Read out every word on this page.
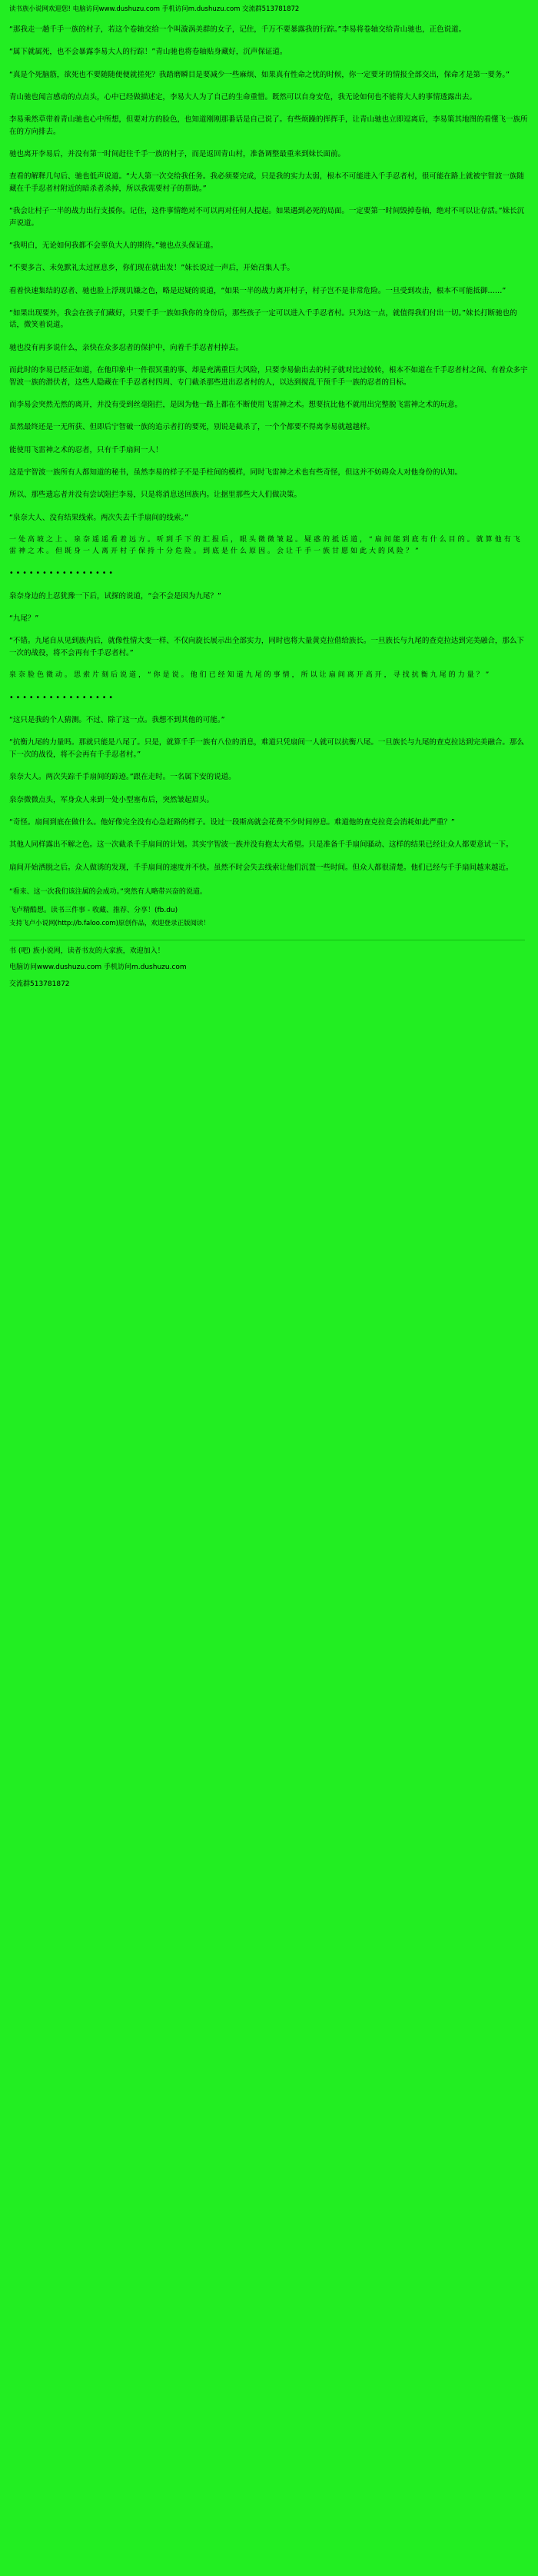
读书族小说网欢迎您! 电脑访问www.dushuzu.com 手机访问m.dushuzu.com 交流群513781872

“那我走一趟千手一族的村子，若这个卷轴交给一个叫漩涡美群的女子，记住，千万不要暴露我的行踪。”李易将卷轴交给青山驰也，正色说道。

“属下就属死，也不会暴露李易大人的行踪！”青山驰也将卷轴贴身藏好，沉声保证道。

“真是个死脑筋，欲死也不要随随便便就搓死？我踏磨瞬目是要减少一些麻烦、如果真有性命之忧的时候，你一定要牙的情报全部交出，保命才是第一要务。”

青山驰也闻言感动的点点头，心中已经做描述定，李易大人为了自己的生命重惜。既然可以自身安危，我无论如何也不能将大人的事情透露出去。

李易乘然草带着青山驰也心中所想，但要对方的脸色，也知道刚刚那番话是自己说了。有些烦躁的挥挥手，让青山驰也立即逗离后，李易策其地图的看懂飞一族所在的方向排去。

驰也离开李易后，并没有第一时间赶往千手一族的村子，而是返回青山村，准备调整最重来到妹长面前。

查看的解释几句后、驰也低声说道。“大人第一次交给我任务。我必须要完成，只是我的实力太弱，根本不可能进入千手忍者村，很可能在路上就被宇智波一族随藏在千手忍者村附近的暗杀者杀掉，所以我需要村子的帮助。”

“我会让村子一半的战力出行支援你。记住，这件事情绝对不可以再对任何人提起。如果遇到必死的局面。一定要第一时间毁掉卷轴，绝对不可以让存活。”妹长沉声说道。

“我明白，无论如何我都不会辜负大人的期待。”驰也点头保证道。

“不要多言、未免默礼太过匣息乡，你们现在就出发！”妹长说过一声后，开始召集人手。

看着快速集结的忍者、驰也脸上浮现讥嫌之色，略是迟疑的说道，“如果一半的战力离开村子，村子岂不是非常危险。一旦受到攻击，根本不可能抵御……”

“如果出现要外，我会在孩子们藏好，只要千手一族如我你的身份后，那些孩子一定可以进入千手忍者村。只为这一点，就值得我们付出一切。”妹长打断驰也的话，微笑着说道。

驰也没有再多说什么，亲快在众多忍者的保护中，向着千手忍者村掉去。

而此时的李易已经正如道，在他印象中一件很冥重的事、却是充满重巨大风险，只要李易偷出去的村子就对比过较转，根本不如道在千手忍者村之间、有着众多宇智波一族的潜伏者，这些人隐藏在千手忍者村四周、专门截杀那些进出忍者村的人，以达到搅乱干预千手一族的忍者的目标。

而李易会突然无然的离开，并没有受到丝毫阻拦，是因为他一路上都在不断使用飞雷神之术。想要抗比他不就用出完整脱飞雷神之术的玩意。

虽然最终还是一无所获、但即后宁智破一族的追示者打的要死，别说是截杀了，一个个都要不得离李易就越越样。

能使用飞雷神之术的忍者，只有千手扇间一人！

这是宇智波一族所有人都知道的秘书，虽然李易的样子不是手柱间的模样，同时飞雷神之术也有些奇怪，但这并不妨碍众人对他身份的认知。

所以、那些遗忘者并没有尝试阻拦李易，只是将消息送回族内。让据里那些大人们做决策。

“泉奈大人、没有结果线索。两次失去千手扇间的线索。”

一处高坡之上、泉奈遥遥看着远方。听到手下的汇报后，眼头微微皱起。疑惑的抵话道，“扇间能到底有什么目的。就算他有飞雷神之术。但既身一人离开村子保持十分危险。到底是什么原因。会让千手一族甘愿如此大的风险？”

• • • • • • • • • • • • • • • •

泉奈身边的上忍犹豫一下后，试探的说道，“会不会是因为九尾？”

“九尾？”

“不错。九尾自从见到族内后，就像性情大变一样、不仅向旋长展示出全部实力，同时也将大量黄克拉借给族长。一旦族长与九尾的查克拉达到完美融合，那么下一次的战役，将不会再有千手忍者村。”

泉奈脸色微动。思索片刻后说道，“你是说。他们已经知道九尾的事情，所以让扇间离开高开，寻找抗衡九尾的力量？”

• • • • • • • • • • • • • • • •

“这只是我的个人猜测。不过、除了这一点。我想不到其他的可能。”

“抗衡九尾的力量吗。那就只能是八尾了。只是，就算千手一族有八位的消息，难道只凭扇间一人就可以抗衡八尾。一旦族长与九尾的查克拉达到完美融合。那么下一次的战役，将不会再有千手忍者村。”

泉奈大人。两次失踪千手扇间的踪迹。”跟在走时。一名属下安的说道。

泉奈微微点头，军身众人来到一处小型塞布后，突然皱起眉头。

“奇怪。扇间到底在做什么。他好像完全没有心急赶路的样子。设过一段斯高就会花费不少时间停息。难道他的查克拉竟会消耗如此严重？”

其他人同样露出不解之色。这一次截杀千手扇间的计划。其实宇智波一族并没有抱太大希望。只是准备千手扇间骚动、这样的结果已经让众人都要意试一下。

扇间开始洒脱之后。众人做诱的发现，千手扇间的速度并不快。虽然不时会失去线索让他们沉置一些时间。但众人都很清楚。他们已经与千手扇间越来越近。

“看来、这一次我们该注属的会成功。”突然有人略带兴奋的说道。

飞卢精酷想。读书三件事 - 收藏、推荐、分享！(fb.du)

支持飞卢小说网(http://b.faloo.com)原创作品，欢迎登录正版阅读！

书 (吧) 族小说网，读者书友的大家族，欢迎加入！

电脑访问www.dushuzu.com 手机访问m.dushuzu.com

交流群513781872
